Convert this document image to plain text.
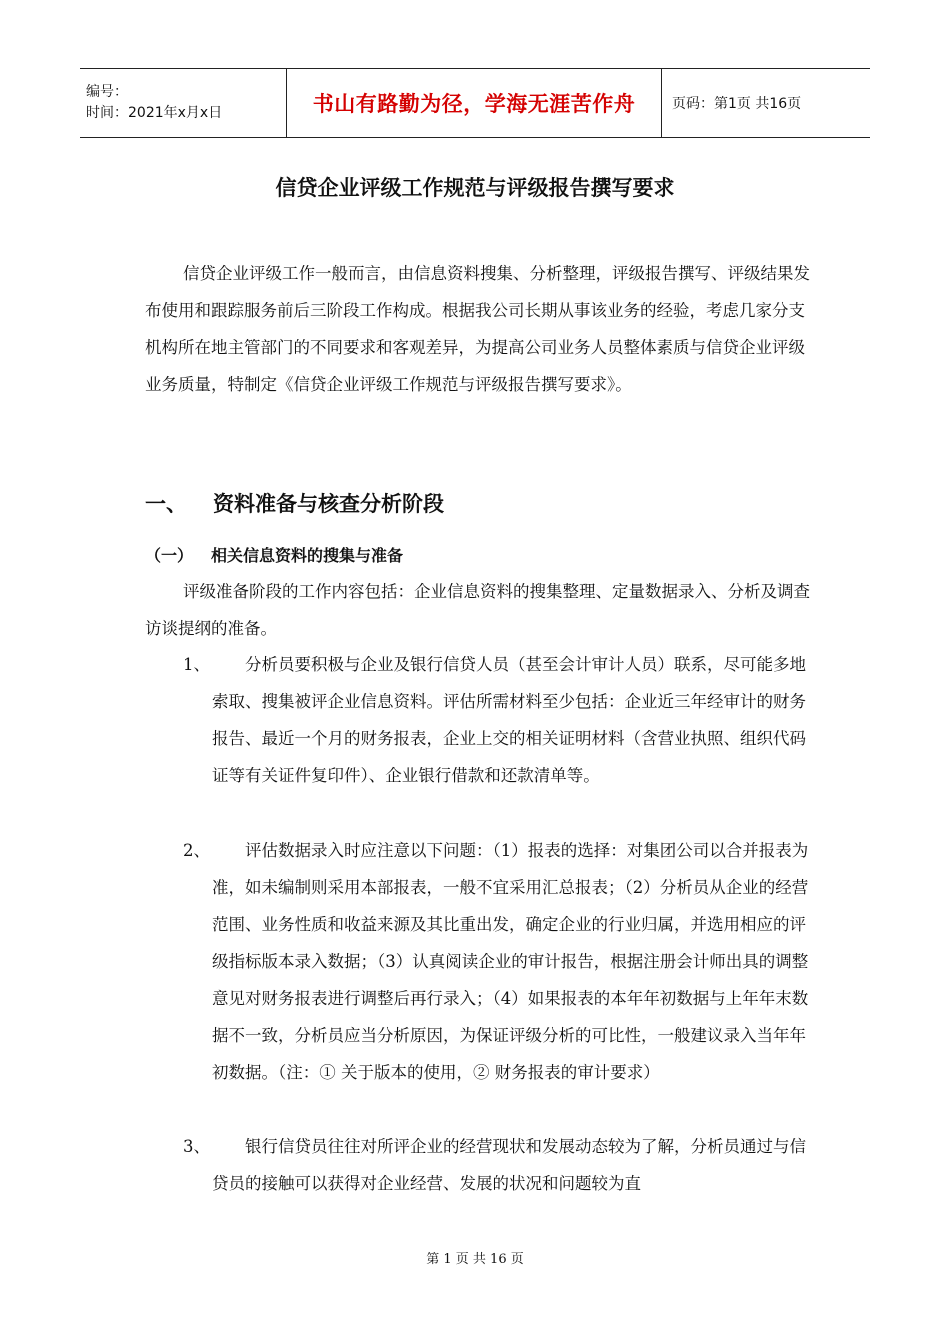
编号：
时间：2021年x月x日	书山有路勤为径，学海无涯苦作舟	页码：第1页 共16页
信贷企业评级工作规范与评级报告撰写要求

信贷企业评级工作一般而言，由信息资料搜集、分析整理，评级报告撰写、评级结果发布使用和跟踪服务前后三阶段工作构成。根据我公司长期从事该业务的经验，考虑几家分支机构所在地主管部门的不同要求和客观差异，为提高公司业务人员整体素质与信贷企业评级业务质量，特制定《信贷企业评级工作规范与评级报告撰写要求》。

一、 资料准备与核查分析阶段
（一） 相关信息资料的搜集与准备

评级准备阶段的工作内容包括：企业信息资料的搜集整理、定量数据录入、分析及调查访谈提纲的准备。

1、	分析员要积极与企业及银行信贷人员（甚至会计审计人员）联系，尽可能多地索取、搜集被评企业信息资料。评估所需材料至少包括：企业近三年经审计的财务报告、最近一个月的财务报表，企业上交的相关证明材料（含营业执照、组织代码证等有关证件复印件）、企业银行借款和还款清单等。
2、	评估数据录入时应注意以下问题：（1）报表的选择：对集团公司以合并报表为准，如未编制则采用本部报表，一般不宜采用汇总报表；（2）分析员从企业的经营范围、业务性质和收益来源及其比重出发，确定企业的行业归属，并选用相应的评级指标版本录入数据；（3）认真阅读企业的审计报告，根据注册会计师出具的调整意见对财务报表进行调整后再行录入；（4）如果报表的本年年初数据与上年年末数据不一致，分析员应当分析原因，为保证评级分析的可比性，一般建议录入当年年初数据。（注：① 关于版本的使用，② 财务报表的审计要求）
3、	银行信贷员往往对所评企业的经营现状和发展动态较为了解，分析员通过与信贷员的接触可以获得对企业经营、发展的状况和问题较为直
第 1 页 共 16 页
